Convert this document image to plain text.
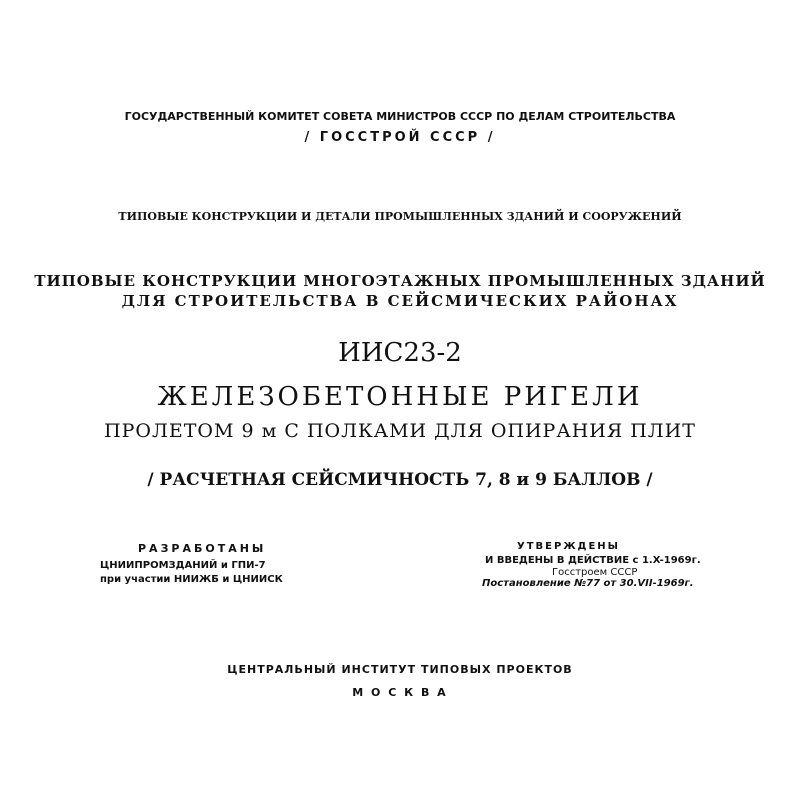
ГОСУДАРСТВЕННЫЙ КОМИТЕТ СОВЕТА МИНИСТРОВ СССР ПО ДЕЛАМ СТРОИТЕЛЬСТВА
/ ГОССТРОЙ СССР /
ТИПОВЫЕ КОНСТРУКЦИИ И ДЕТАЛИ ПРОМЫШЛЕННЫХ ЗДАНИЙ И СООРУЖЕНИЙ
ТИПОВЫЕ КОНСТРУКЦИИ МНОГОЭТАЖНЫХ ПРОМЫШЛЕННЫХ ЗДАНИЙ
ДЛЯ СТРОИТЕЛЬСТВА В СЕЙСМИЧЕСКИХ РАЙОНАХ
ИИС23-2
ЖЕЛЕЗОБЕТОННЫЕ РИГЕЛИ
ПРОЛЕТОМ 9 м С ПОЛКАМИ ДЛЯ ОПИРАНИЯ ПЛИТ
/ РАСЧЕТНАЯ СЕЙСМИЧНОСТЬ 7, 8 и 9 БАЛЛОВ /
РАЗРАБОТАНЫ
ЦНИИПРОМЗДАНИЙ и ГПИ-7
при участии НИИЖБ и ЦНИИСК
УТВЕРЖДЕНЫ
И ВВЕДЕНЫ В ДЕЙСТВИЕ с 1.X-1969г.
Госстроем СССР
Постановление №77 от 30.VII-1969г.
ЦЕНТРАЛЬНЫЙ ИНСТИТУТ ТИПОВЫХ ПРОЕКТОВ
М О С К В А
